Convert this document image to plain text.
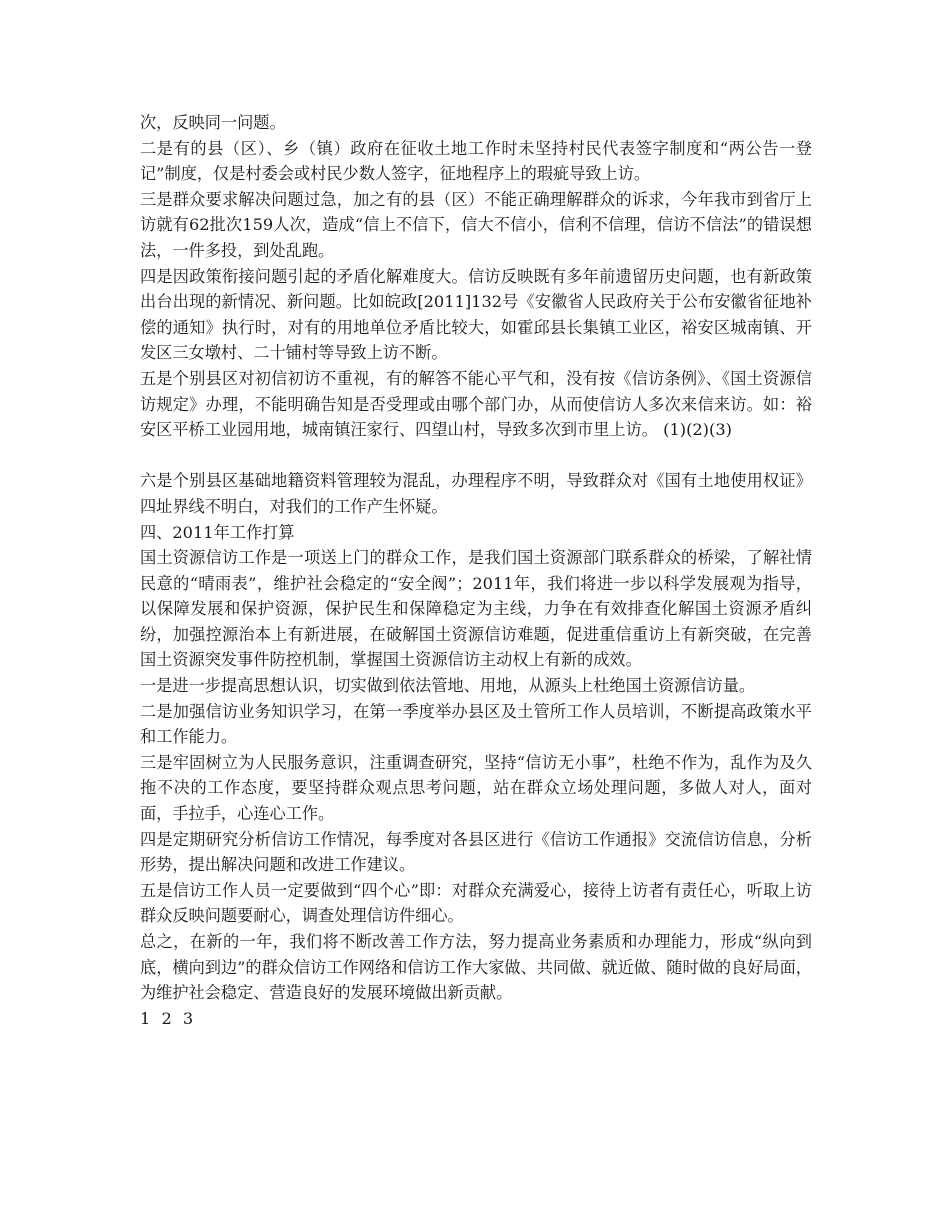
次，反映同一问题。

二是有的县（区）、乡（镇）政府在征收土地工作时未坚持村民代表签字制度和“两公告一登记”制度，仅是村委会或村民少数人签字，征地程序上的瑕疵导致上访。

三是群众要求解决问题过急，加之有的县（区）不能正确理解群众的诉求，今年我市到省厅上访就有62批次159人次，造成“信上不信下，信大不信小，信利不信理，信访不信法”的错误想法，一件多投，到处乱跑。

四是因政策衔接问题引起的矛盾化解难度大。信访反映既有多年前遗留历史问题，也有新政策出台出现的新情况、新问题。比如皖政[2011]132号《安徽省人民政府关于公布安徽省征地补偿的通知》执行时，对有的用地单位矛盾比较大，如霍邱县长集镇工业区，裕安区城南镇、开发区三女墩村、二十铺村等导致上访不断。

五是个别县区对初信初访不重视，有的解答不能心平气和，没有按《信访条例》、《国土资源信访规定》办理，不能明确告知是否受理或由哪个部门办，从而使信访人多次来信来访。如：裕安区平桥工业园用地，城南镇汪家行、四望山村，导致多次到市里上访。 (1)(2)(3)

六是个别县区基础地籍资料管理较为混乱，办理程序不明，导致群众对《国有土地使用权证》四址界线不明白，对我们的工作产生怀疑。

四、2011年工作打算

国土资源信访工作是一项送上门的群众工作，是我们国土资源部门联系群众的桥梁，了解社情民意的“晴雨表”，维护社会稳定的“安全阀”；2011年，我们将进一步以科学发展观为指导，以保障发展和保护资源，保护民生和保障稳定为主线，力争在有效排查化解国土资源矛盾纠纷，加强控源治本上有新进展，在破解国土资源信访难题，促进重信重访上有新突破，在完善国土资源突发事件防控机制，掌握国土资源信访主动权上有新的成效。

一是进一步提高思想认识，切实做到依法管地、用地，从源头上杜绝国土资源信访量。

二是加强信访业务知识学习，在第一季度举办县区及土管所工作人员培训，不断提高政策水平和工作能力。

三是牢固树立为人民服务意识，注重调查研究，坚持“信访无小事”，杜绝不作为，乱作为及久拖不决的工作态度，要坚持群众观点思考问题，站在群众立场处理问题，多做人对人，面对面，手拉手，心连心工作。

四是定期研究分析信访工作情况，每季度对各县区进行《信访工作通报》交流信访信息，分析形势，提出解决问题和改进工作建议。

五是信访工作人员一定要做到“四个心”即：对群众充满爱心，接待上访者有责任心，听取上访群众反映问题要耐心，调查处理信访件细心。

总之，在新的一年，我们将不断改善工作方法，努力提高业务素质和办理能力，形成“纵向到底，横向到边”的群众信访工作网络和信访工作大家做、共同做、就近做、随时做的良好局面，为维护社会稳定、营造良好的发展环境做出新贡献。

1 2 3
